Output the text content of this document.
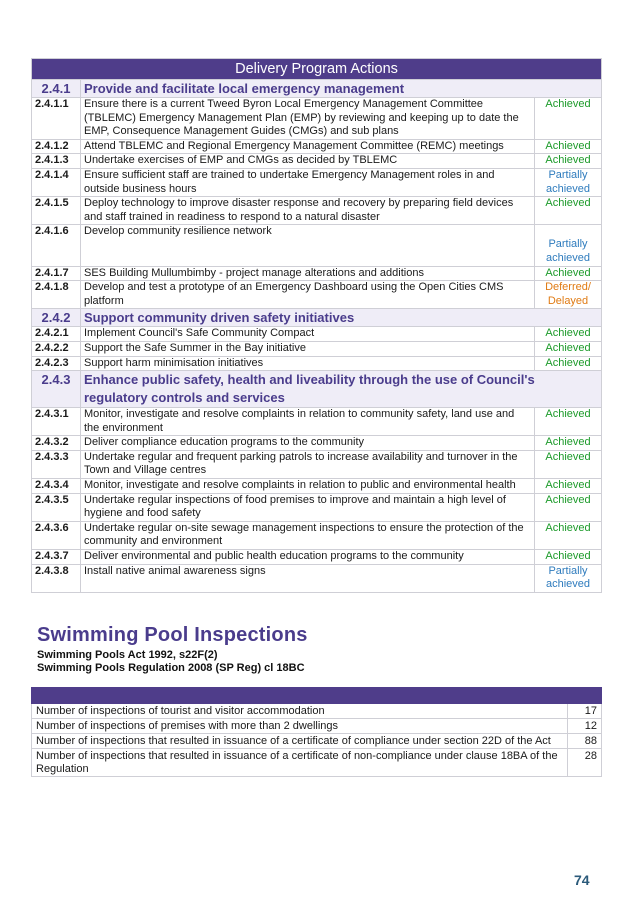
Delivery Program Actions		
2.4.1	Provide and facilitate local emergency management	
2.4.1.1	Ensure there is a current Tweed Byron Local Emergency Management Committee (TBLEMC) Emergency Management Plan (EMP) by reviewing and keeping up to date the EMP, Consequence Management Guides (CMGs) and sub plans	Achieved
2.4.1.2	Attend TBLEMC and Regional Emergency Management Committee (REMC) meetings	Achieved
2.4.1.3	Undertake exercises of EMP and CMGs as decided by TBLEMC	Achieved
2.4.1.4	Ensure sufficient staff are trained to undertake Emergency Management roles in and outside business hours	Partially achieved
2.4.1.5	Deploy technology to improve disaster response and recovery by preparing field devices and staff trained in readiness to respond to a natural disaster	Achieved
2.4.1.6	Develop community resilience network	Partially achieved
2.4.1.7	SES Building Mullumbimby - project manage alterations and additions	Achieved
2.4.1.8	Develop and test a prototype of an Emergency Dashboard using the Open Cities CMS platform	Deferred/ Delayed
2.4.2	Support community driven safety initiatives	
2.4.2.1	Implement Council's Safe Community Compact	Achieved
2.4.2.2	Support the Safe Summer in the Bay initiative	Achieved
2.4.2.3	Support harm minimisation initiatives	Achieved
2.4.3	Enhance public safety, health and liveability through the use of Council's regulatory controls and services	
2.4.3.1	Monitor, investigate and resolve complaints in relation to community safety, land use and the environment	Achieved
2.4.3.2	Deliver compliance education programs to the community	Achieved
2.4.3.3	Undertake regular and frequent parking patrols to increase availability and turnover in the Town and Village centres	Achieved
2.4.3.4	Monitor, investigate and resolve complaints in relation to public and environmental health	Achieved
2.4.3.5	Undertake regular inspections of food premises to improve and maintain a high level of hygiene and food safety	Achieved
2.4.3.6	Undertake regular on-site sewage management inspections to ensure the protection of the community and environment	Achieved
2.4.3.7	Deliver environmental and public health education programs to the community	Achieved
2.4.3.8	Install native animal awareness signs	Partially achieved
Swimming Pool Inspections

Swimming Pools Act 1992, s22F(2)

Swimming Pools Regulation 2008 (SP Reg) cl 18BC

Number of inspections of tourist and visitor accommodation	17
Number of inspections of premises with more than 2 dwellings	12
Number of inspections that resulted in issuance of a certificate of compliance under section 22D of the Act	88
Number of inspections that resulted in issuance of a certificate of non-compliance under clause 18BA of the Regulation	28

74
